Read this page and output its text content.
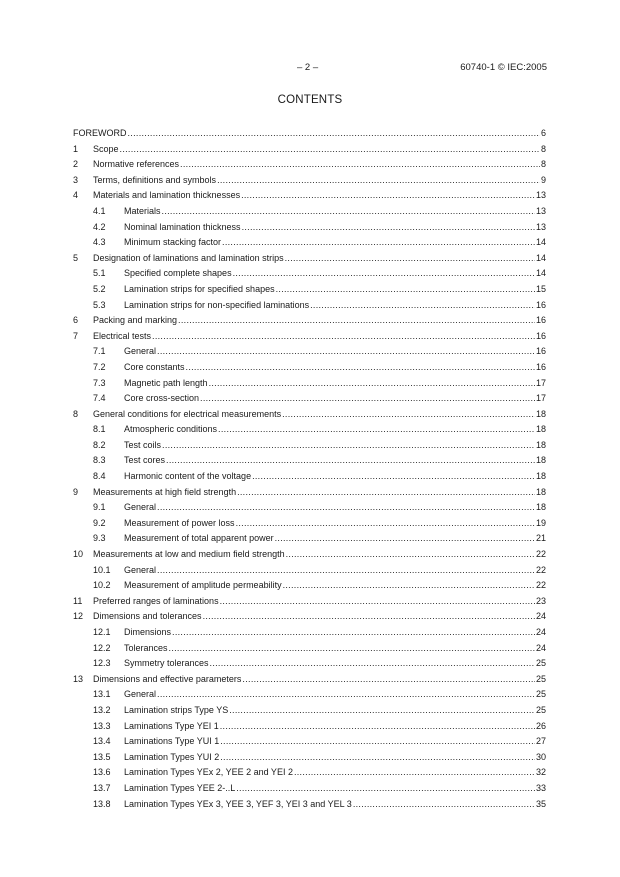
– 2 –	60740-1 © IEC:2005
CONTENTS
FOREWORD .....	6
1	Scope .....	8
2	Normative references .....	8
3	Terms, definitions and symbols .....	9
4	Materials and lamination thicknesses .....	13
4.1	Materials .....	13
4.2	Nominal lamination thickness .....	13
4.3	Minimum stacking factor .....	14
5	Designation of laminations and lamination strips .....	14
5.1	Specified complete shapes .....	14
5.2	Lamination strips for specified shapes .....	15
5.3	Lamination strips for non-specified laminations .....	16
6	Packing and marking .....	16
7	Electrical tests .....	16
7.1	General .....	16
7.2	Core constants .....	16
7.3	Magnetic path length .....	17
7.4	Core cross-section .....	17
8	General conditions for electrical measurements .....	18
8.1	Atmospheric conditions .....	18
8.2	Test coils .....	18
8.3	Test cores .....	18
8.4	Harmonic content of the voltage .....	18
9	Measurements at high field strength .....	18
9.1	General .....	18
9.2	Measurement of power loss .....	19
9.3	Measurement of total apparent power .....	21
10	Measurements at low and medium field strength .....	22
10.1	General .....	22
10.2	Measurement of amplitude permeability .....	22
11	Preferred ranges of laminations .....	23
12	Dimensions and tolerances .....	24
12.1	Dimensions .....	24
12.2	Tolerances .....	24
12.3	Symmetry tolerances .....	25
13	Dimensions and effective parameters .....	25
13.1	General .....	25
13.2	Lamination strips Type YS .....	25
13.3	Laminations Type YEI 1 .....	26
13.4	Laminations Type YUI 1 .....	27
13.5	Lamination Types YUI 2 .....	30
13.6	Lamination Types YEx 2, YEE 2 and YEI 2 .....	32
13.7	Lamination Types YEE 2-..L .....	33
13.8	Lamination Types YEx 3, YEE 3, YEF 3, YEI 3 and YEL 3 .....	35
